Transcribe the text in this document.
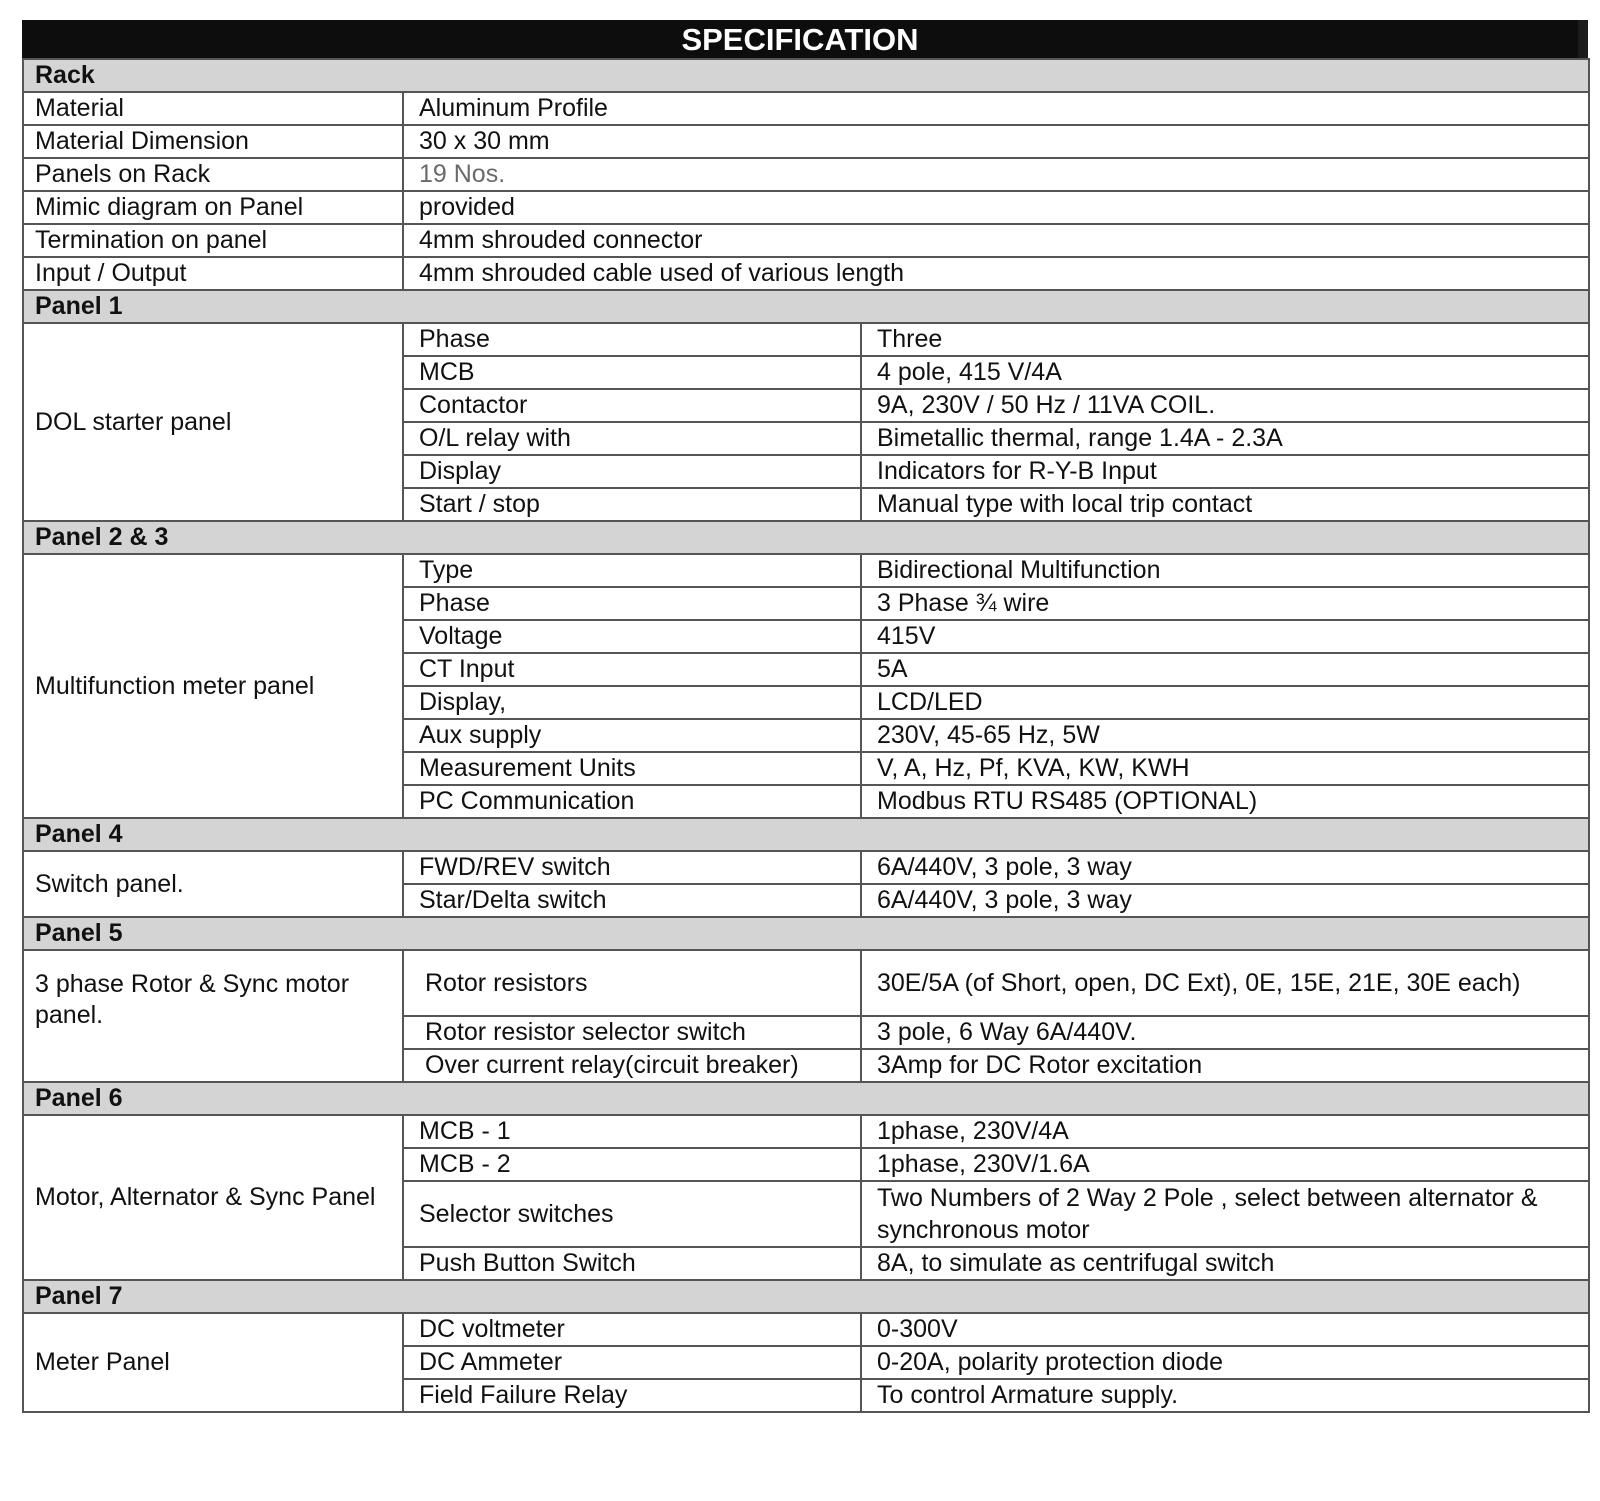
SPECIFICATION
Rack		
Material	Aluminum Profile	
Material Dimension	30 x 30 mm	
Panels on Rack	19 Nos.	
Mimic diagram on Panel	provided	
Termination on panel	4mm shrouded connector	
Input / Output	4mm shrouded cable used of various length	
Panel 1		
DOL starter panel	Phase	Three
	MCB	4 pole, 415 V/4A
	Contactor	9A, 230V / 50 Hz / 11VA COIL.
	O/L relay with	Bimetallic thermal, range 1.4A - 2.3A
	Display	Indicators for R-Y-B Input
	Start / stop	Manual type with local trip contact
Panel 2 & 3		
Multifunction meter panel	Type	Bidirectional Multifunction
	Phase	3 Phase ¾ wire
	Voltage	415V
	CT Input	5A
	Display,	LCD/LED
	Aux supply	230V, 45-65 Hz, 5W
	Measurement Units	V, A, Hz, Pf, KVA, KW, KWH
	PC Communication	Modbus RTU RS485 (OPTIONAL)
Panel 4		
Switch panel.	FWD/REV switch	6A/440V, 3 pole, 3 way
	Star/Delta switch	6A/440V, 3 pole, 3 way
Panel 5		
3 phase Rotor & Sync motor panel.	Rotor resistors	30E/5A (of Short, open, DC Ext), 0E, 15E, 21E, 30E each)
	Rotor resistor selector switch	3 pole, 6 Way 6A/440V.
	Over current relay(circuit breaker)	3Amp for DC Rotor excitation
Panel 6		
Motor, Alternator & Sync Panel	MCB - 1	1phase, 230V/4A
	MCB - 2	1phase, 230V/1.6A
	Selector switches	Two Numbers of 2 Way 2 Pole , select between alternator & synchronous motor
	Push Button Switch	8A, to simulate as centrifugal switch
Panel 7		
Meter Panel	DC voltmeter	0-300V
	DC Ammeter	0-20A, polarity protection diode
	Field Failure Relay	To control Armature supply.
